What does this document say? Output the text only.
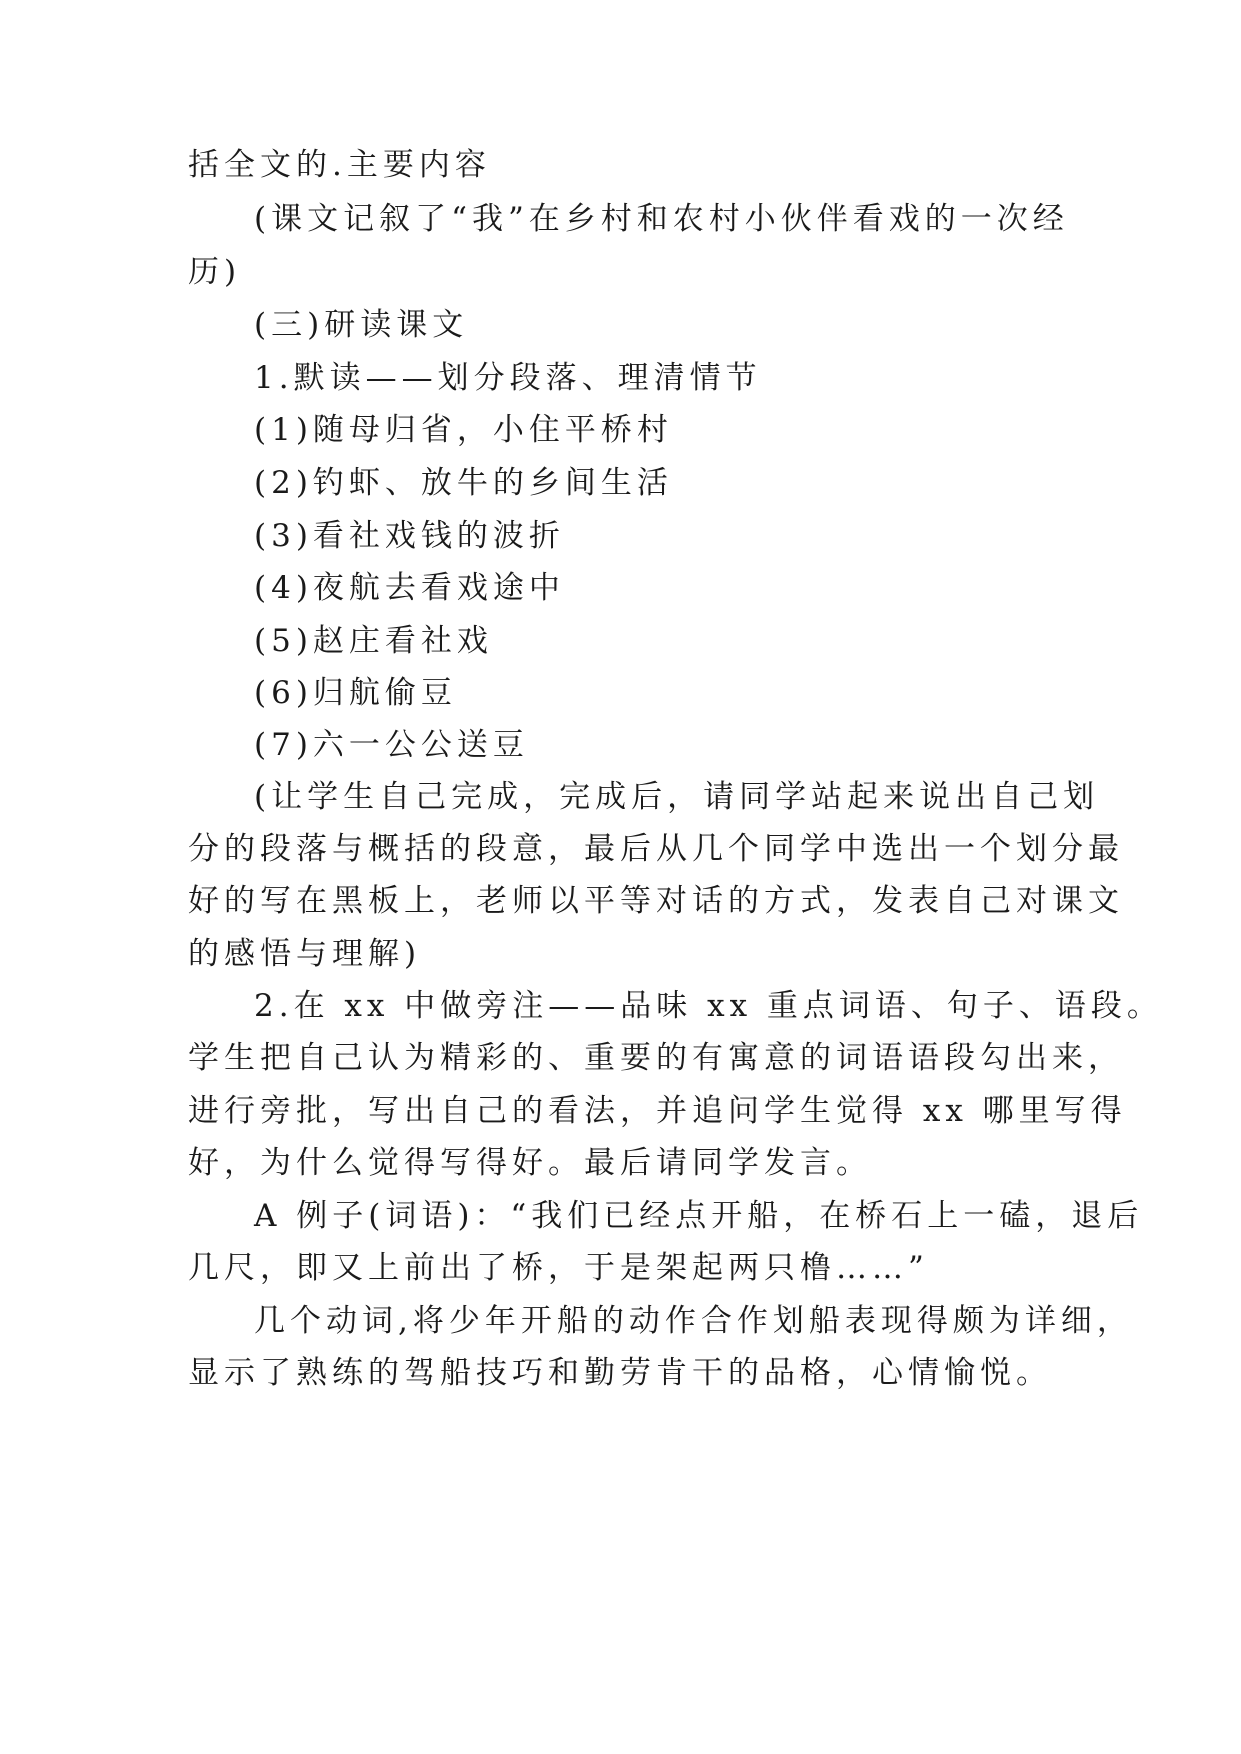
括全文的.主要内容
(课文记叙了“我”在乡村和农村小伙伴看戏的一次经
历)
(三)研读课文
1.默读——划分段落、理清情节
(1)随母归省，小住平桥村
(2)钓虾、放牛的乡间生活
(3)看社戏钱的波折
(4)夜航去看戏途中
(5)赵庄看社戏
(6)归航偷豆
(7)六一公公送豆
(让学生自己完成，完成后，请同学站起来说出自己划
分的段落与概括的段意，最后从几个同学中选出一个划分最
好的写在黑板上，老师以平等对话的方式，发表自己对课文
的感悟与理解)
2.在 xx 中做旁注——品味 xx 重点词语、句子、语段。
学生把自己认为精彩的、重要的有寓意的词语语段勾出来，
进行旁批，写出自己的看法，并追问学生觉得 xx 哪里写得
好，为什么觉得写得好。最后请同学发言。
A 例子(词语)：“我们已经点开船，在桥石上一磕，退后
几尺，即又上前出了桥，于是架起两只橹……”
几个动词,将少年开船的动作合作划船表现得颇为详细，
显示了熟练的驾船技巧和勤劳肯干的品格，心情愉悦。
